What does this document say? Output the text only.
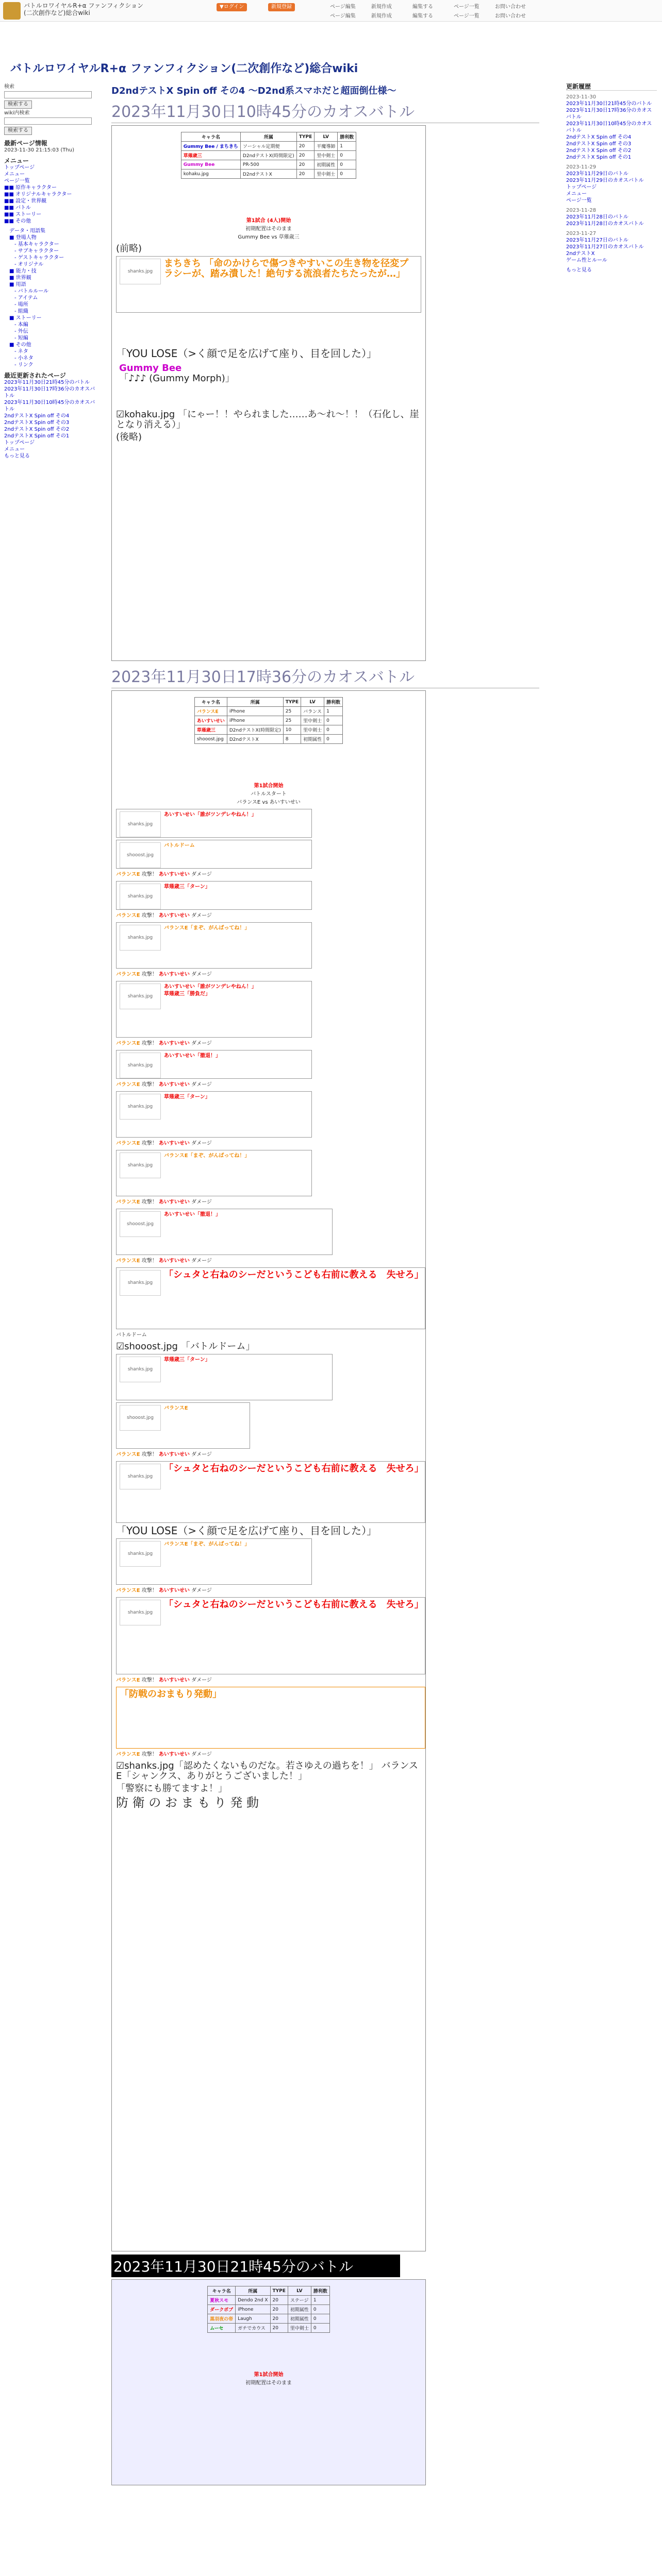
バトルロワイヤルR+α ファンフィクション(二次創作など)総合wiki
▼ログイン	新規登録	ページ編集	新規作成	編集する	ページ一覧	お問い合わせ
ページ編集	新規作成	編集する	ページ一覧	お問い合わせ
バトルロワイヤルR+α ファンフィクション(二次創作など)総合wiki
検索
検索する
wiki内検索
検索する
最新ページ情報
2023-11-30 21:15:03 (Thu)
メニュー
トップページ
メニュー
ページ一覧
■■ 原作キャラクター
■■ オリジナルキャラクター
■■ 設定・世界観
■■ バトル
■■ ストーリー
■■ その他
データ・用語集
■ 登場人物
- 基本キャラクター
- サブキャラクター
- ゲストキャラクター
- オリジナル
■ 能力・技
■ 世界観
■ 用語
- バトルルール
- アイテム
- 場所
- 組織
■ ストーリー
- 本編
- 外伝
- 短編
■ その他
- ネタ
- 小ネタ
- リンク
最近更新されたページ
2023年11月30日21時45分のバトル
2023年11月30日17時36分のカオスバトル
2023年11月30日10時45分のカオスバトル
2ndテストX Spin off その4
2ndテストX Spin off その3
2ndテストX Spin off その2
2ndテストX Spin off その1
トップページ
メニュー
もっと見る
更新履歴
2023-11-30
2023年11月30日21時45分のバトル
2023年11月30日17時36分のカオスバトル
2023年11月30日10時45分のカオスバトル
2ndテストX Spin off その4
2ndテストX Spin off その3
2ndテストX Spin off その2
2ndテストX Spin off その1
2023-11-29
2023年11月29日のバトル
2023年11月29日のカオスバトル
トップページ
メニュー
ページ一覧
2023-11-28
2023年11月28日のバトル
2023年11月28日のカオスバトル
2023-11-27
2023年11月27日のバトル
2023年11月27日のカオスバトル
2ndテストX
ゲーム性とルール
もっと見る
D2ndテストX Spin off その4 〜D2nd系スマホだと超面倒仕様〜
2023年11月30日10時45分のカオスバトル
キャラ名	所属	TYPE	LV	勝利数
Gummy Bee / まちきち	ソーシャル定期便	20	平魔導師	1
草薙歳三	D2ndテストX(時間限定)	20	里中剣士	0
Gummy Bee	PR-500	20	初期属性	0
kohaku.jpg	D2ndテストX	20	里中剣士	0
第1試合 (4人)開始
初期配置はそのまま
Gummy Bee vs 草薙歳三
(前略)
shanks.jpg
まちきち 「命のかけらで傷つきやすいこの生き物を径変プラシーが、踏み潰した！絶句する流浪者たちたったが…」
「YOU LOSE（>く顔で足を広げて座り、目を回した）」
Gummy Bee
「♪♪♪ (Gummy Morph)」
☑kohaku.jpg 「にゃー！！やられました……あ～れ～！！（石化し、崖となり消える）」
(後略)
2023年11月30日17時36分のカオスバトル
キャラ名	所属	TYPE	LV	勝利数
バランスE	iPhone	25	バランス	1
あいすいせい	iPhone	25	里中剣士	0
草薙歳三	D2ndテストX(時間限定)	10	里中剣士	0
shooost.jpg	D2ndテストX	8	初期属性	0
第1試合開始
バトルスタート
バランスE vs あいすいせい
shanks.jpg
あいすいせい「誰がツンデレやねん！」
shooost.jpg
バトルドーム
バランスE 攻撃！ あいすいせい ダメージ
shanks.jpg
草薙歳三「ターン」
バランスE 攻撃！ あいすいせい ダメージ
shanks.jpg
バランスE「まぞ、がんばってね！」
バランスE 攻撃！ あいすいせい ダメージ
shanks.jpg
あいすいせい「誰がツンデレやねん！」
草薙歳三「勝負だ」
バランスE 攻撃！ あいすいせい ダメージ
shanks.jpg
あいすいせい「撤退！」
バランスE 攻撃！ あいすいせい ダメージ
shanks.jpg
草薙歳三「ターン」
バランスE 攻撃！ あいすいせい ダメージ
shanks.jpg
バランスE「まぞ、がんばってね！」
バランスE 攻撃！ あいすいせい ダメージ
shooost.jpg
あいすいせい「撤退！」
バランスE 攻撃！ あいすいせい ダメージ
shanks.jpg
「シュタと右ねのシーだというこども右前に教える　失せろ」
バトルドーム
☑shooost.jpg 「バトルドーム」
shanks.jpg
草薙歳三「ターン」
shooost.jpg
バランスE
バランスE 攻撃！ あいすいせい ダメージ
shanks.jpg
「シュタと右ねのシーだというこども右前に教える　失せろ」
「YOU LOSE（>く顔で足を広げて座り、目を回した）」
shanks.jpg
バランスE「まぞ、がんばってね！」
バランスE 攻撃！ あいすいせい ダメージ
shanks.jpg
「シュタと右ねのシーだというこども右前に教える　失せろ」
バランスE 攻撃！ あいすいせい ダメージ
「防戦のおまもり発動」
バランスE 攻撃！ あいすいせい ダメージ
☑shanks.jpg「認めたくないものだな。若さゆえの過ちを！」 バランスE「シャンクス、ありがとうございました！」
「警察にも勝てますよ！」
防 衛 の お ま も り 発 動
2023年11月30日21時45分のバトル
キャラ名	所属	TYPE	LV	勝利数
夏秋スモ	Dendo 2nd X	20	ステージ	1
ダークボブ	iPhone	20	初期属性	0
黒羽夜の帝	Laugh	20	初期属性	0
ムーセ	ガチでカウス	20	里中剣士	0
第1試合開始
初期配置はそのまま
